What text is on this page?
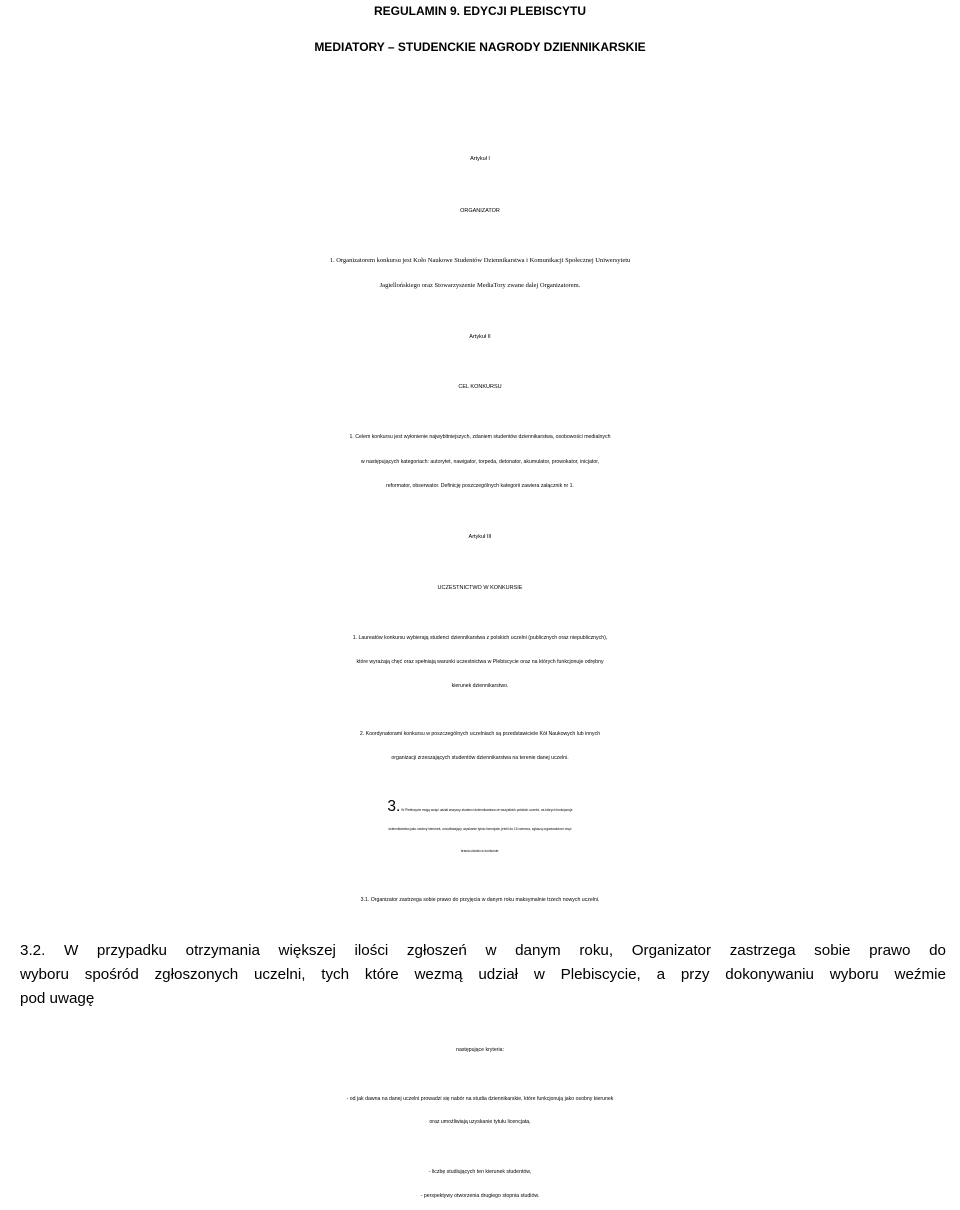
REGULAMIN 9. EDYCJI PLEBISCYTU

MEDIATORY – STUDENCKIE NAGRODY DZIENNIKARSKIE

Artykuł I

ORGANIZATOR

1. Organizatorem konkursu jest Koło Naukowe Studentów Dziennikarstwa i Komunikacji Społecznej Uniwersytetu

Jagiellońskiego oraz Stowarzyszenie MediaTory zwane dalej Organizatorem.

Artykuł II

CEL KONKURSU

1. Celem konkursu jest wyłonienie najwybitniejszych, zdaniem studentów dziennikarstwa, osobowości medialnych

w następujących kategoriach: autorytet, nawigator, torpeda, detonator, akumulator, prowokator, inicjator,

reformator, obserwator. Definicję poszczególnych kategorii zawiera załącznik nr 1.

Artykuł III

UCZESTNICTWO W KONKURSIE

1. Laureatów konkursu wybierają studenci dziennikarstwa z polskich uczelni (publicznych oraz niepublicznych),

które wyrażają chęć oraz spełniają warunki uczestnictwa w Plebiscycie oraz na których funkcjonuje odrębny

kierunek dziennikarstwo.

2. Koordynatorami konkursu w poszczególnych uczelniach są przedstawiciele Kół Naukowych lub innych

organizacji zrzeszających studentów dziennikarstwa na terenie danej uczelni.

3. W Plebiscycie mogą wziąć udział wszyscy studenci dziennikarstwa ze wszystkich polskich uczelni, na których funkcjonuje

dziennikarstwo jako osobny kierunek, umożliwiający uzyskanie tytułu licencjata, jeżeli do 15 czerwca, zgłoszą organizatorom chęć

brania udziału w konkursie.

3.1. Organizator zastrzega sobie prawo do przyjęcia w danym roku maksymalnie trzech nowych uczelni.

3.2. W przypadku otrzymania większej ilości zgłoszeń w danym roku, Organizator zastrzega sobie prawo do

wyboru spośród zgłoszonych uczelni, tych które wezmą udział w Plebiscycie, a przy dokonywaniu wyboru weźmie

pod uwagę

następujące kryteria:

- od jak dawna na danej uczelni prowadzi się nabór na studia dziennikarskie, które funkcjonują jako osobny kierunek

oraz umożliwiają uzyskanie tytułu licencjata,

- liczbę studiujących ten kierunek studentów,

- perspektywy otworzenia drugiego stopnia studiów.
